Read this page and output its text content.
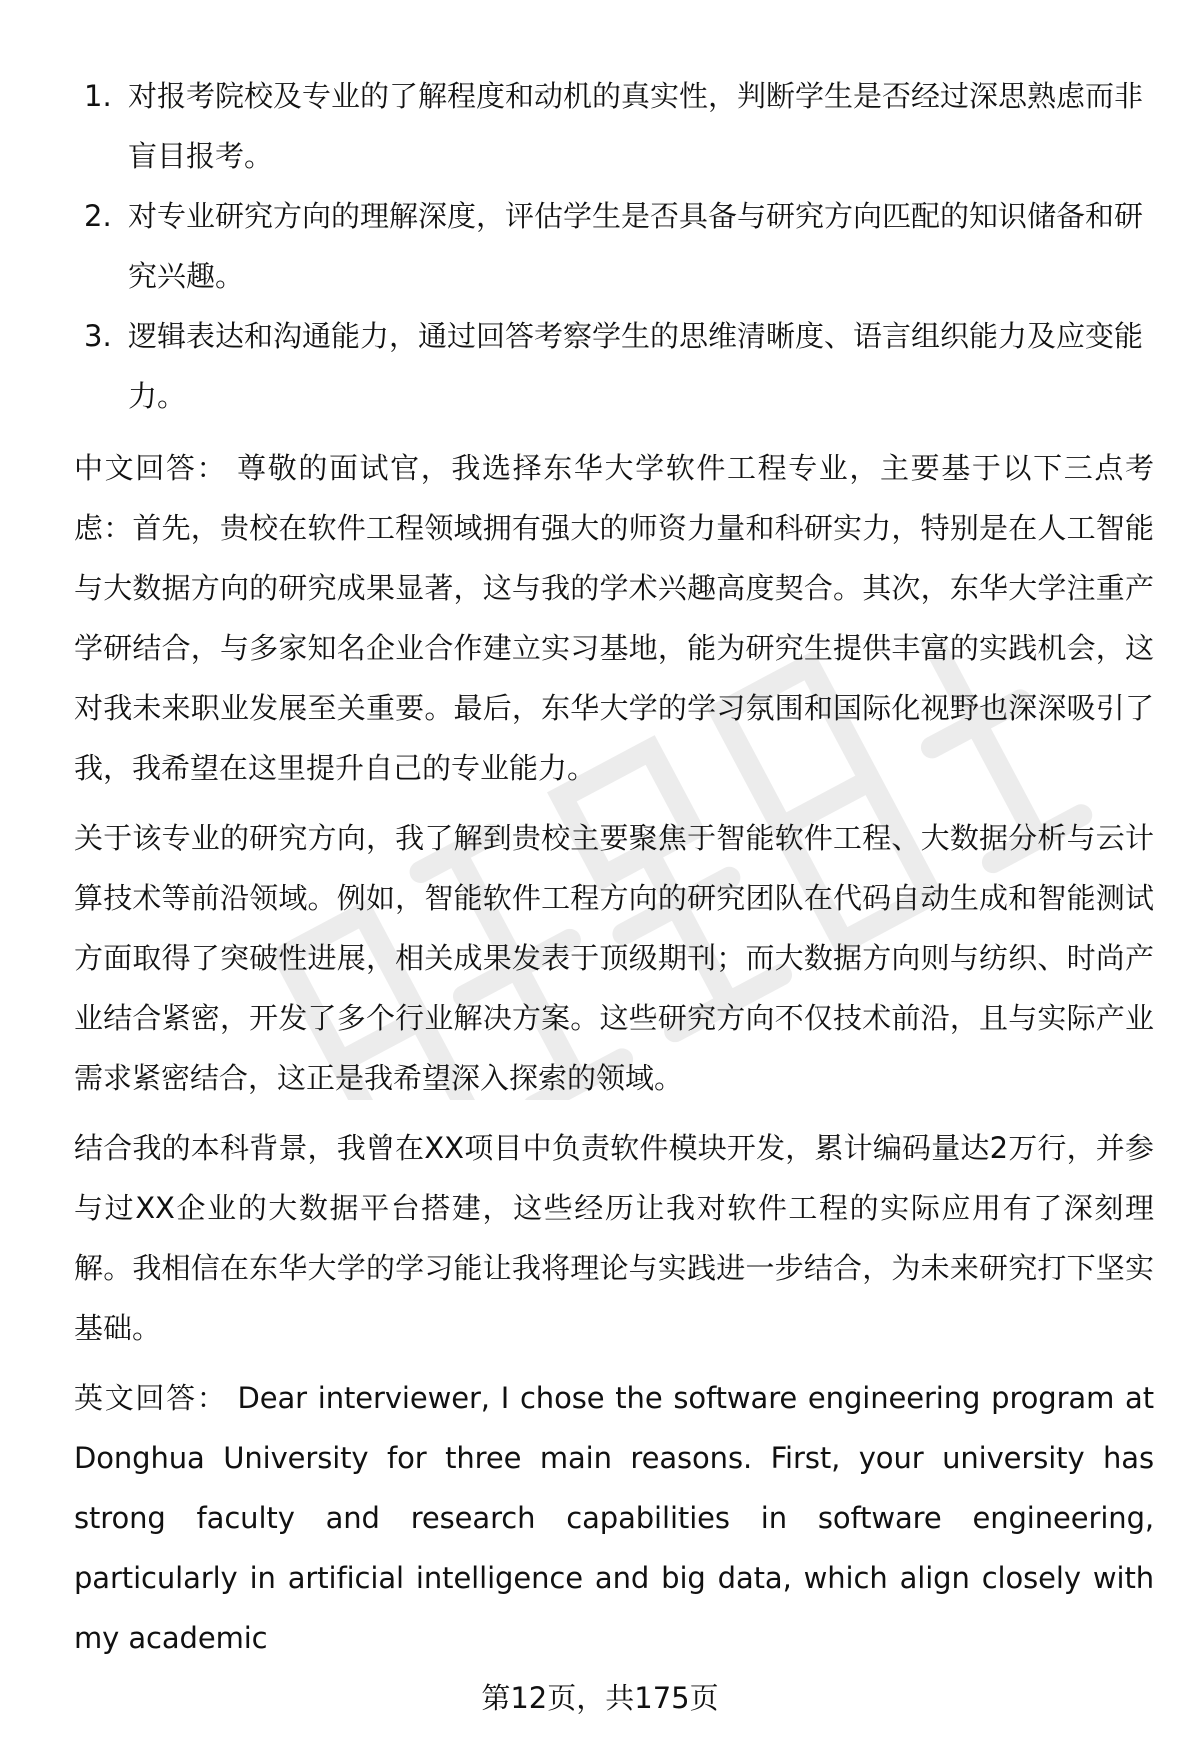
1. 对报考院校及专业的了解程度和动机的真实性，判断学生是否经过深思熟虑而非盲目报考。
2. 对专业研究方向的理解深度，评估学生是否具备与研究方向匹配的知识储备和研究兴趣。
3. 逻辑表达和沟通能力，通过回答考察学生的思维清晰度、语言组织能力及应变能力。

中文回答： 尊敬的面试官，我选择东华大学软件工程专业，主要基于以下三点考虑：首先，贵校在软件工程领域拥有强大的师资力量和科研实力，特别是在人工智能与大数据方向的研究成果显著，这与我的学术兴趣高度契合。其次，东华大学注重产学研结合，与多家知名企业合作建立实习基地，能为研究生提供丰富的实践机会，这对我未来职业发展至关重要。最后，东华大学的学习氛围和国际化视野也深深吸引了我，我希望在这里提升自己的专业能力。

关于该专业的研究方向，我了解到贵校主要聚焦于智能软件工程、大数据分析与云计算技术等前沿领域。例如，智能软件工程方向的研究团队在代码自动生成和智能测试方面取得了突破性进展，相关成果发表于顶级期刊；而大数据方向则与纺织、时尚产业结合紧密，开发了多个行业解决方案。这些研究方向不仅技术前沿，且与实际产业需求紧密结合，这正是我希望深入探索的领域。

结合我的本科背景，我曾在XX项目中负责软件模块开发，累计编码量达2万行，并参与过XX企业的大数据平台搭建，这些经历让我对软件工程的实际应用有了深刻理解。我相信在东华大学的学习能让我将理论与实践进一步结合，为未来研究打下坚实基础。

英文回答： Dear interviewer, I chose the software engineering program at Donghua University for three main reasons. First, your university has strong faculty and research capabilities in software engineering, particularly in artificial intelligence and big data, which align closely with my academic

第12页，共175页
